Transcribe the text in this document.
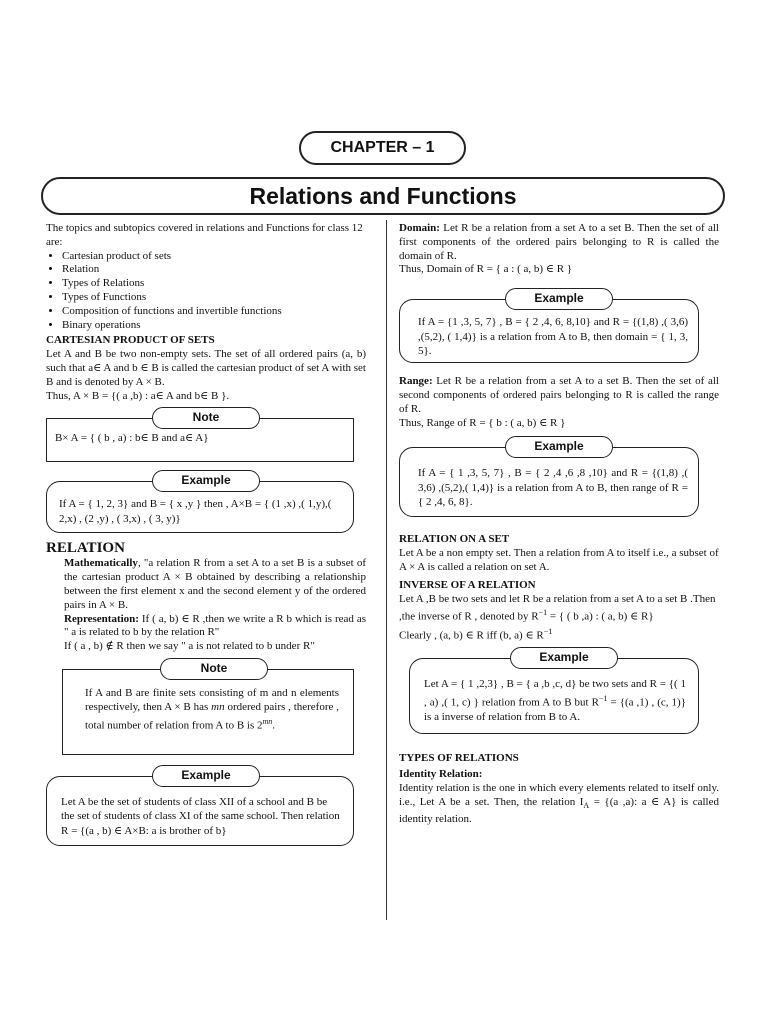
CHAPTER – 1
Relations and Functions

The topics and subtopics covered in relations and Functions for class 12 are:

• Cartesian product of sets
• Relation
• Types of Relations
• Types of Functions
• Composition of functions and invertible functions
• Binary operations

CARTESIAN PRODUCT OF SETS

Let A and B be two non-empty sets. The set of all ordered pairs (a, b) such that a∈ A and b ∈ B is called the cartesian product of set A with set B and is denoted by A × B.

Thus, A × B = {( a ,b) : a∈ A and b∈ B }.

B× A = { ( b , a) : b∈ B and a∈ A}
Note
If A = { 1, 2, 3} and B = { x ,y } then , A×B = { (1 ,x) ,( 1,y),( 2,x) , (2 ,y) , ( 3,x) , ( 3, y)}
Example

RELATION

Mathematically, "a relation R from a set A to a set B is a subset of the cartesian product A × B obtained by describing a relationship between the first element x and the second element y of the ordered pairs in A × B.

Representation: If ( a, b) ∈ R ,then we write a R b which is read as " a is related to b by the relation R"

If ( a , b) ∉ R then we say " a is not related to b under R"

If A and B are finite sets consisting of m and n elements respectively, then A × B has mn ordered pairs , therefore , total number of relation from A to B is $2^{mn}$.

Note

Let A be the set of students of class XII of a school and B be the set of students of class XI of the same school. Then relation R = {(a , b) ∈ A×B: a is brother of b}

Example

Domain: Let R be a relation from a set A to a set B. Then the set of all first components of the ordered pairs belonging to R is called the domain of R.

Thus, Domain of R = { a : ( a, b) ∈ R }

If A = {1 ,3, 5, 7} , B = { 2 ,4, 6, 8,10} and R = {(1,8) ,( 3,6) ,(5,2), ( 1,4)} is a relation from A to B, then domain = { 1, 3, 5}.

Example

Range: Let R be a relation from a set A to a set B. Then the set of all second components of ordered pairs belonging to R is called the range of R.

Thus, Range of R = { b : ( a, b) ∈ R }

If A = { 1 ,3, 5, 7} , B = { 2 ,4 ,6 ,8 ,10} and R = {(1,8) ,( 3,6) ,(5,2),( 1,4)} is a relation from A to B, then range of R = { 2 ,4, 6, 8}.

Example

RELATION ON A SET

Let A be a non empty set. Then a relation from A to itself i.e., a subset of A × A is called a relation on set A.

INVERSE OF A RELATION

Let A ,B be two sets and let R be a relation from a set A to a set B .Then ,the inverse of R , denoted by $R^{-1}$ = { ( b ,a) : ( a, b) ∈ R}

Clearly , (a, b) ∈ R iff (b, a) ∈ $R^{-1}$

Let A = { 1 ,2,3} , B = { a ,b ,c, d} be two sets and R = {( 1 , a) ,( 1, c) } relation from A to B but $R^{-1} = \{(a$ ,1) , (c, 1)} is a inverse of relation from B to A.

Example

TYPES OF RELATIONS

Identity Relation:

Identity relation is the one in which every elements related to itself only. i.e., Let A be a set. Then, the relation $I_A = \{(a$ ,a): a ∈ A} is called identity relation.
